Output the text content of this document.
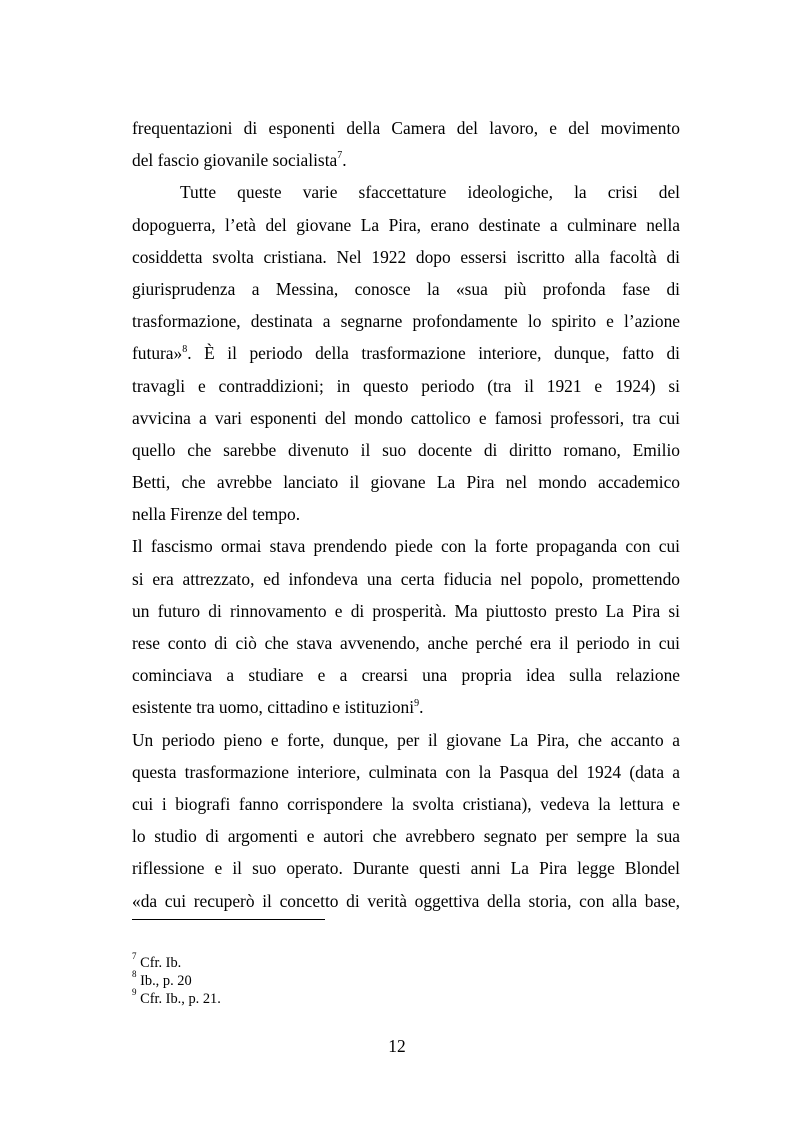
frequentazioni di esponenti della Camera del lavoro, e del movimento
del fascio giovanile socialista$^7$.
Tutte queste varie sfaccettature ideologiche, la crisi del
dopoguerra, l’età del giovane La Pira, erano destinate a culminare nella
cosiddetta svolta cristiana. Nel 1922 dopo essersi iscritto alla facoltà di
giurisprudenza a Messina, conosce la «sua più profonda fase di
trasformazione, destinata a segnarne profondamente lo spirito e l’azione
futura»$^8$. È il periodo della trasformazione interiore, dunque, fatto di
travagli e contraddizioni; in questo periodo (tra il 1921 e 1924) si
avvicina a vari esponenti del mondo cattolico e famosi professori, tra cui
quello che sarebbe divenuto il suo docente di diritto romano, Emilio
Betti, che avrebbe lanciato il giovane La Pira nel mondo accademico
nella Firenze del tempo.
Il fascismo ormai stava prendendo piede con la forte propaganda con cui
si era attrezzato, ed infondeva una certa fiducia nel popolo, promettendo
un futuro di rinnovamento e di prosperità. Ma piuttosto presto La Pira si
rese conto di ciò che stava avvenendo, anche perché era il periodo in cui
cominciava a studiare e a crearsi una propria idea sulla relazione
esistente tra uomo, cittadino e istituzioni$^9$.
Un periodo pieno e forte, dunque, per il giovane La Pira, che accanto a
questa trasformazione interiore, culminata con la Pasqua del 1924 (data a
cui i biografi fanno corrispondere la svolta cristiana), vedeva la lettura e
lo studio di argomenti e autori che avrebbero segnato per sempre la sua
riflessione e il suo operato. Durante questi anni La Pira legge Blondel
«da cui recuperò il concetto di verità oggettiva della storia, con alla base,
$^7$ Cfr. Ib.
$^8$ Ib., p. 20
$^9$ Cfr. Ib., p. 21.
12
